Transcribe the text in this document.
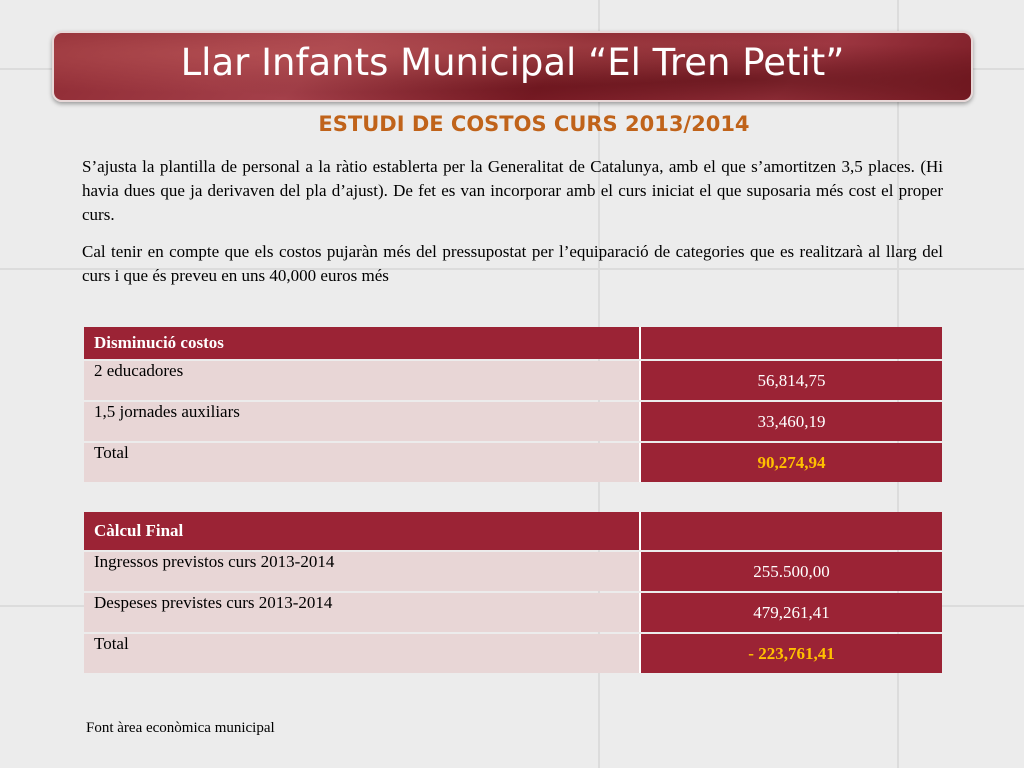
Llar Infants Municipal “El Tren Petit”
ESTUDI DE COSTOS CURS 2013/2014

S’ajusta la plantilla de personal a la ràtio establerta per la Generalitat de Catalunya, amb el que s’amortitzen 3,5 places. (Hi havia dues que ja derivaven del pla d’ajust). De fet es van incorporar amb el curs iniciat el que suposaria més cost el proper curs.

Cal tenir en compte que els costos pujaràn més del pressupostat per l’equiparació de categories que es realitzarà al llarg del curs i que és preveu en uns 40,000 euros més

Disminució costos	
2 educadores	56,814,75
1,5 jornades auxiliars	33,460,19
Total	90,274,94
Càlcul Final	
Ingressos previstos curs 2013-2014	255.500,00
Despeses previstes curs 2013-2014	479,261,41
Total	- 223,761,41
Font àrea econòmica municipal
